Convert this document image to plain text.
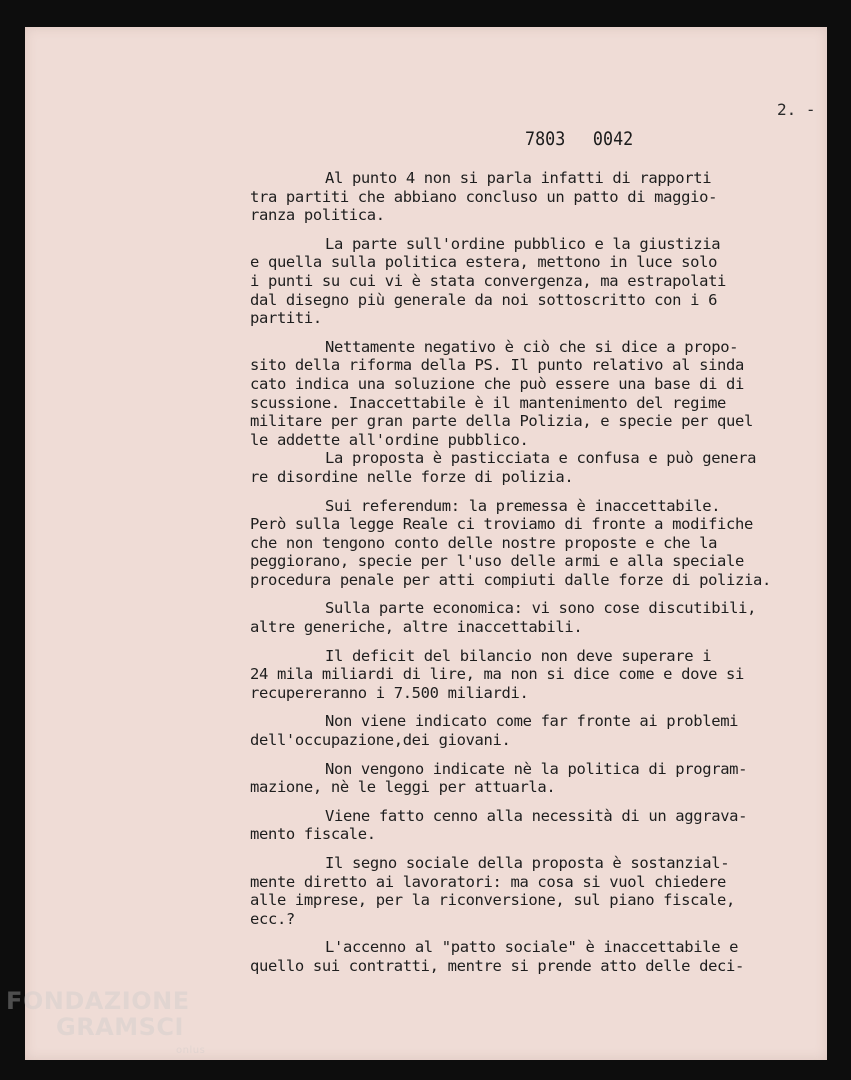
2. -
7803 0042
Al punto 4 non si parla infatti di rapporti
tra partiti che abbiano concluso un patto di maggio-
ranza politica.
La parte sull'ordine pubblico e la giustizia
e quella sulla politica estera, mettono in luce solo
i punti su cui vi è stata convergenza, ma estrapolati
dal disegno più generale da noi sottoscritto con i 6
partiti.
Nettamente negativo è ciò che si dice a propo-
sito della riforma della PS. Il punto relativo al sinda
cato indica una soluzione che può essere una base di di
scussione. Inaccettabile è il mantenimento del regime
militare per gran parte della Polizia, e specie per quel
le addette all'ordine pubblico.
La proposta è pasticciata e confusa e può genera
re disordine nelle forze di polizia.
Sui referendum: la premessa è inaccettabile.
Però sulla legge Reale ci troviamo di fronte a modifiche
che non tengono conto delle nostre proposte e che la
peggiorano, specie per l'uso delle armi e alla speciale
procedura penale per atti compiuti dalle forze di polizia.
Sulla parte economica: vi sono cose discutibili,
altre generiche, altre inaccettabili.
Il deficit del bilancio non deve superare i
24 mila miliardi di lire, ma non si dice come e dove si
recupereranno i 7.500 miliardi.
Non viene indicato come far fronte ai problemi
dell'occupazione,dei giovani.
Non vengono indicate nè la politica di program-
mazione, nè le leggi per attuarla.
Viene fatto cenno alla necessità di un aggrava-
mento fiscale.
Il segno sociale della proposta è sostanzial-
mente diretto ai lavoratori: ma cosa si vuol chiedere
alle imprese, per la riconversione, sul piano fiscale,
ecc.?
L'accenno al "patto sociale" è inaccettabile e
quello sui contratti, mentre si prende atto delle deci-
FONDAZIONE
GRAMSCI
onlus
